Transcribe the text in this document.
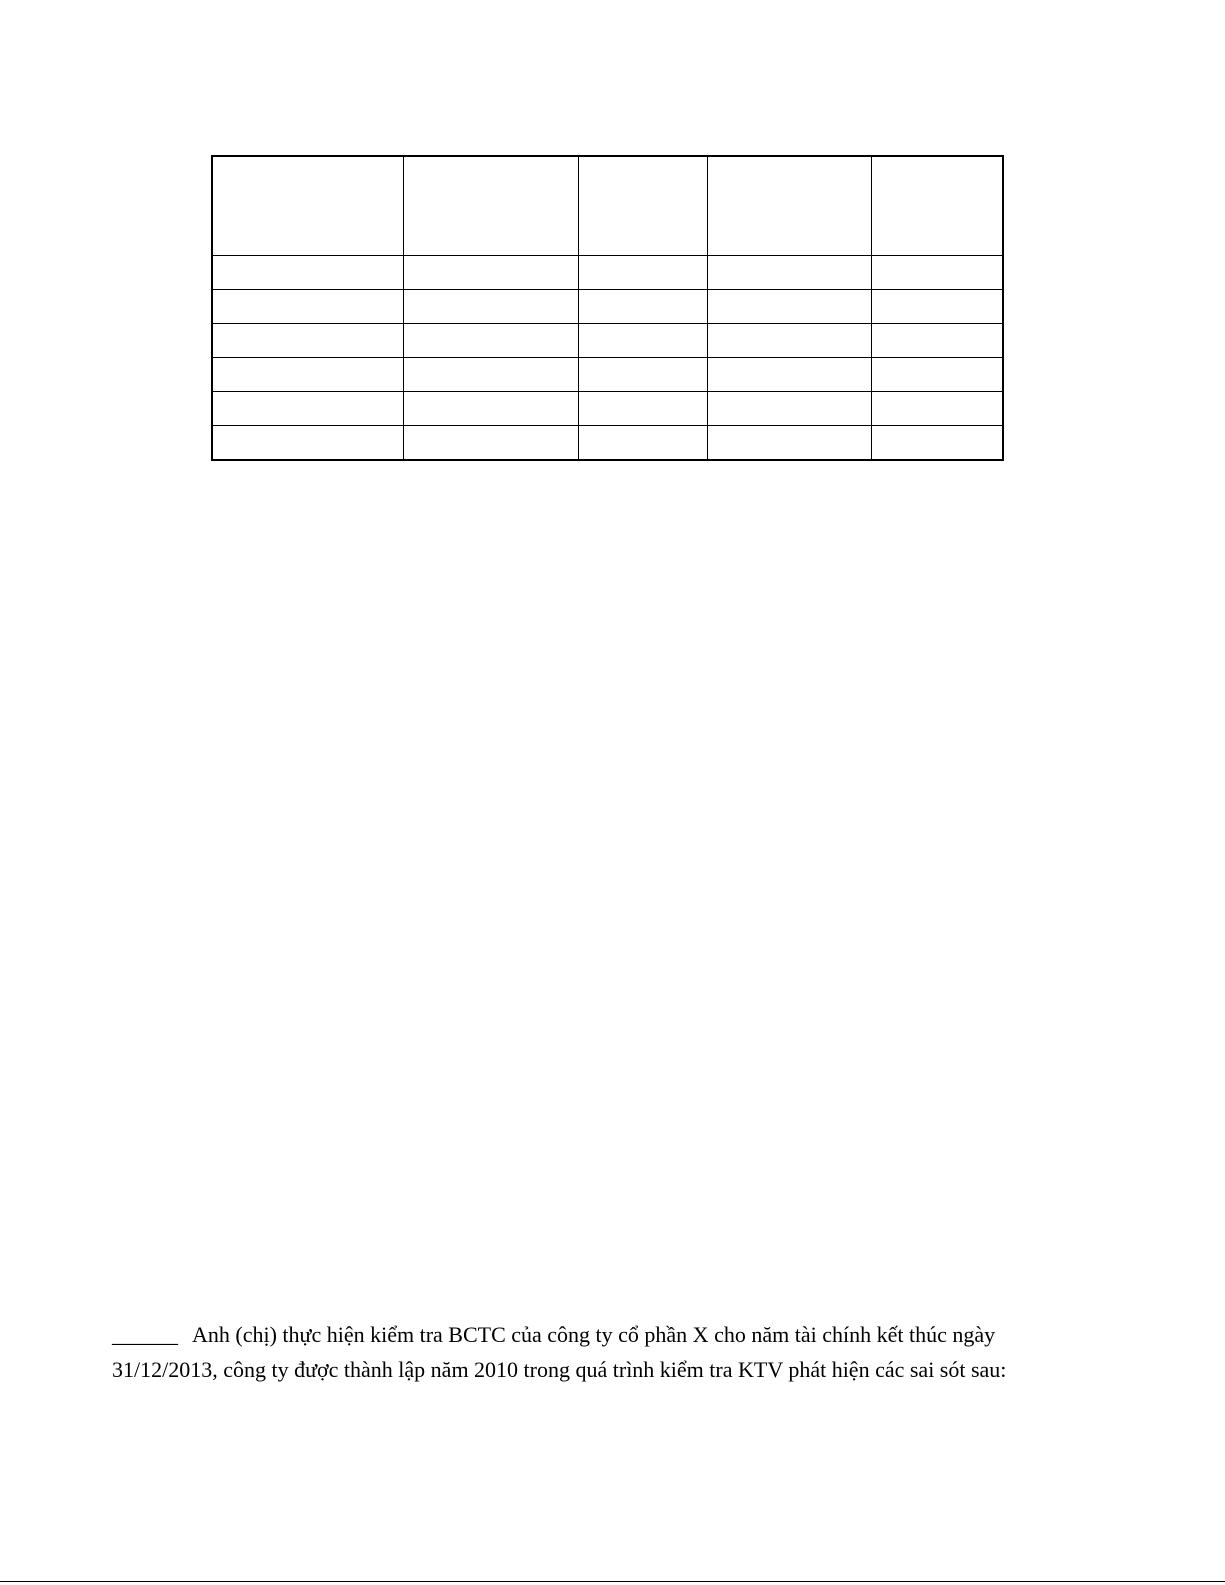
______ Anh (chị) thực hiện kiểm tra BCTC của công ty cổ phần X cho năm tài chính kết thúc ngày
31/12/2013, công ty được thành lập năm 2010 trong quá trình kiểm tra KTV phát hiện các sai sót sau:
